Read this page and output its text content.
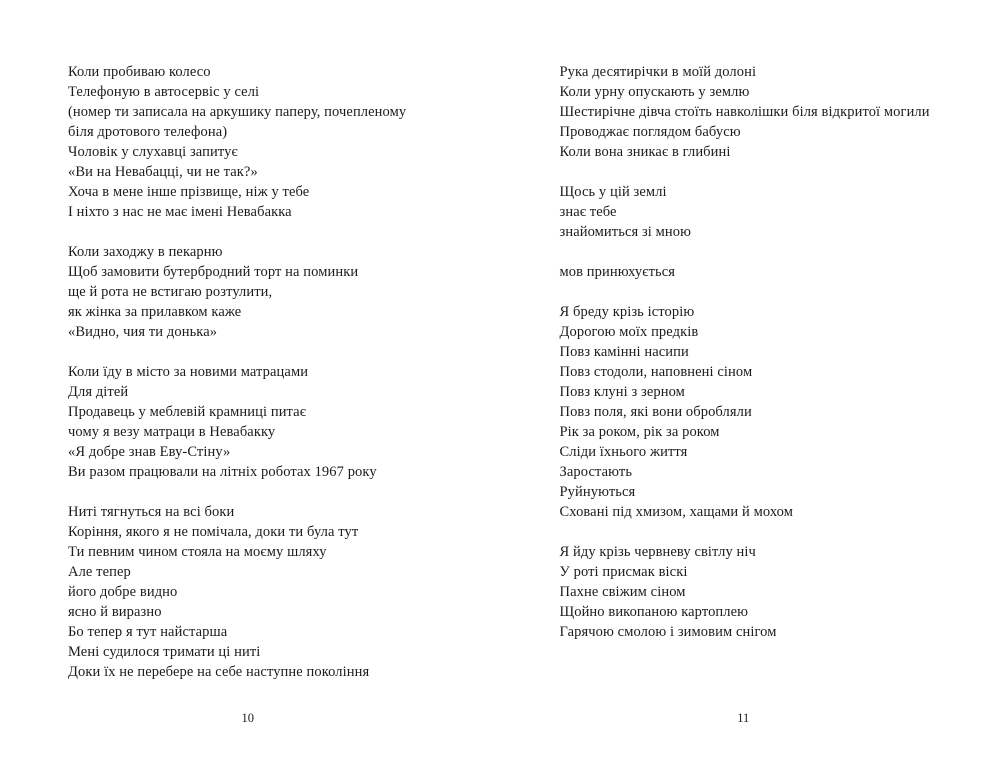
Коли пробиваю колесо
Телефоную в автосервіс у селі
(номер ти записала на аркушику паперу, почепленому
біля дротового телефона)
Чоловік у слухавці запитує
«Ви на Невабацці, чи не так?»
Хоча в мене інше прізвище, ніж у тебе
І ніхто з нас не має імені Невабакка

Коли заходжу в пекарню
Щоб замовити бутербродний торт на поминки
ще й рота не встигаю розтулити,
як жінка за прилавком каже
«Видно, чия ти донька»

Коли їду в місто за новими матрацами
Для дітей
Продавець у меблевій крамниці питає
чому я везу матраци в Невабакку
«Я добре знав Еву-Стіну»
Ви разом працювали на літніх роботах 1967 року

Ниті тягнуться на всі боки
Коріння, якого я не помічала, доки ти була тут
Ти певним чином стояла на моєму шляху
Але тепер
його добре видно
ясно й виразно
Бо тепер я тут найстарша
Мені судилося тримати ці ниті
Доки їх не перебере на себе наступне покоління
10
Рука десятирічки в моїй долоні
Коли урну опускають у землю
Шестирічне дівча стоїть навколішки біля відкритої могили
Проводжає поглядом бабусю
Коли вона зникає в глибині

Щось у цій землі
знає тебе
знайомиться зі мною

мов принюхується

Я бреду крізь історію
Дорогою моїх предків
Повз камінні насипи
Повз стодоли, наповнені сіном
Повз клуні з зерном
Повз поля, які вони обробляли
Рік за роком, рік за роком
Сліди їхнього життя
Заростають
Руйнуються
Сховані під хмизом, хащами й мохом

Я йду крізь червневу світлу ніч
У роті присмак віскі
Пахне свіжим сіном
Щойно викопаною картоплею
Гарячою смолою і зимовим снігом
11
